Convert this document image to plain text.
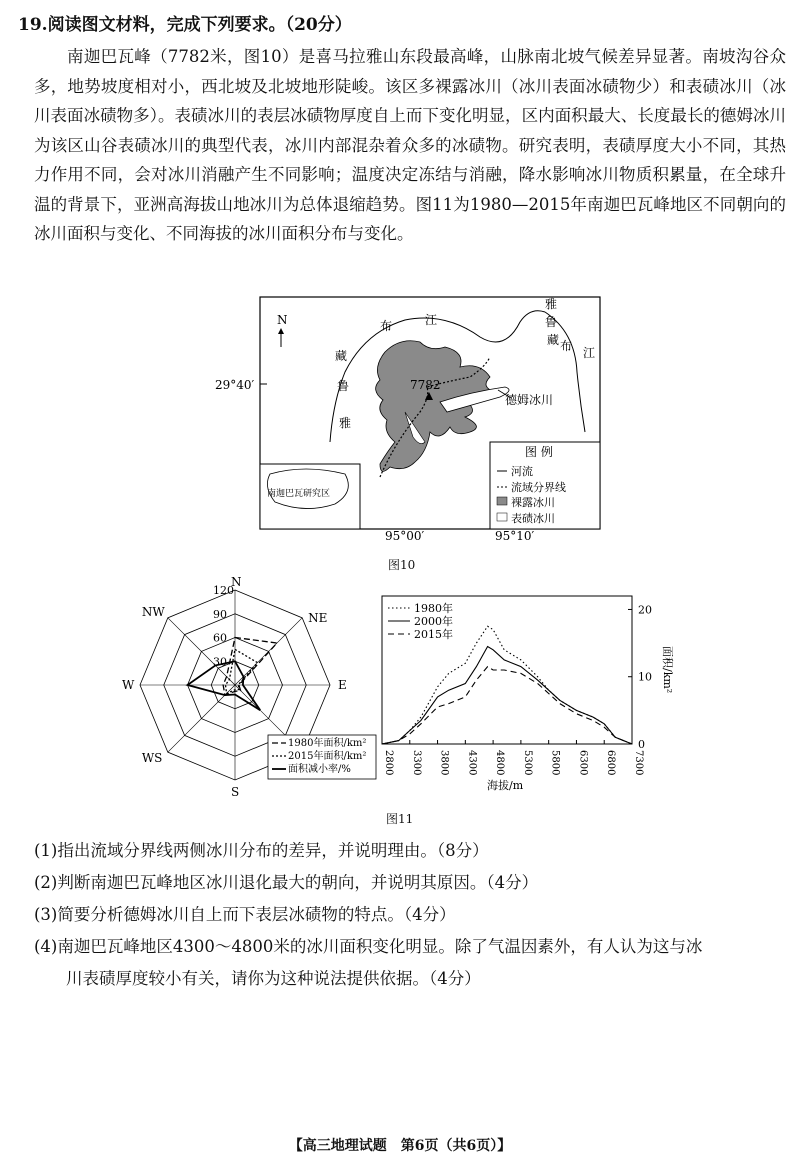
19.阅读图文材料，完成下列要求。（20分）

南迦巴瓦峰（7782米，图10）是喜马拉雅山东段最高峰，山脉南北坡气候差异显著。南坡沟谷众多，地势坡度相对小，西北坡及北坡地形陡峻。该区多裸露冰川（冰川表面冰碛物少）和表碛冰川（冰川表面冰碛物多）。表碛冰川的表层冰碛物厚度自上而下变化明显，区内面积最大、长度最长的德姆冰川为该区山谷表碛冰川的典型代表，冰川内部混杂着众多的冰碛物。研究表明，表碛厚度大小不同，其热力作用不同，会对冰川消融产生不同影响；温度决定冻结与消融，降水影响冰川物质积累量，在全球升温的背景下，亚洲高海拔山地冰川为总体退缩趋势。图11为1980—2015年南迦巴瓦峰地区不同朝向的冰川面积与变化、不同海拔的冰川面积分布与变化。

南迦巴瓦研究区
7782
德姆冰川
N
29°40′
95°00′	95°10′
布	江
藏
鲁
雅
雅
鲁
藏 布 江
图 例
河流
流域分界线
裸露冰川
表碛冰川
图10
30
60
90
120
N
NE
E
S
WS
W
NW
1980年面积/km²
2015年面积/km²
面积减小率/%	2800 3300 3800 4300 4800 5300 5800 6300 6800 7300
0
10
20
面积/km²
海拔/m
1980年
2000年
2015年
图11

(1)指出流域分界线两侧冰川分布的差异，并说明理由。（8分）

(2)判断南迦巴瓦峰地区冰川退化最大的朝向，并说明其原因。（4分）

(3)简要分析德姆冰川自上而下表层冰碛物的特点。（4分）

(4)南迦巴瓦峰地区4300～4800米的冰川面积变化明显。除了气温因素外，有人认为这与冰

川表碛厚度较小有关，请你为这种说法提供依据。（4分）

【高三地理试题　第6页（共6页）】
